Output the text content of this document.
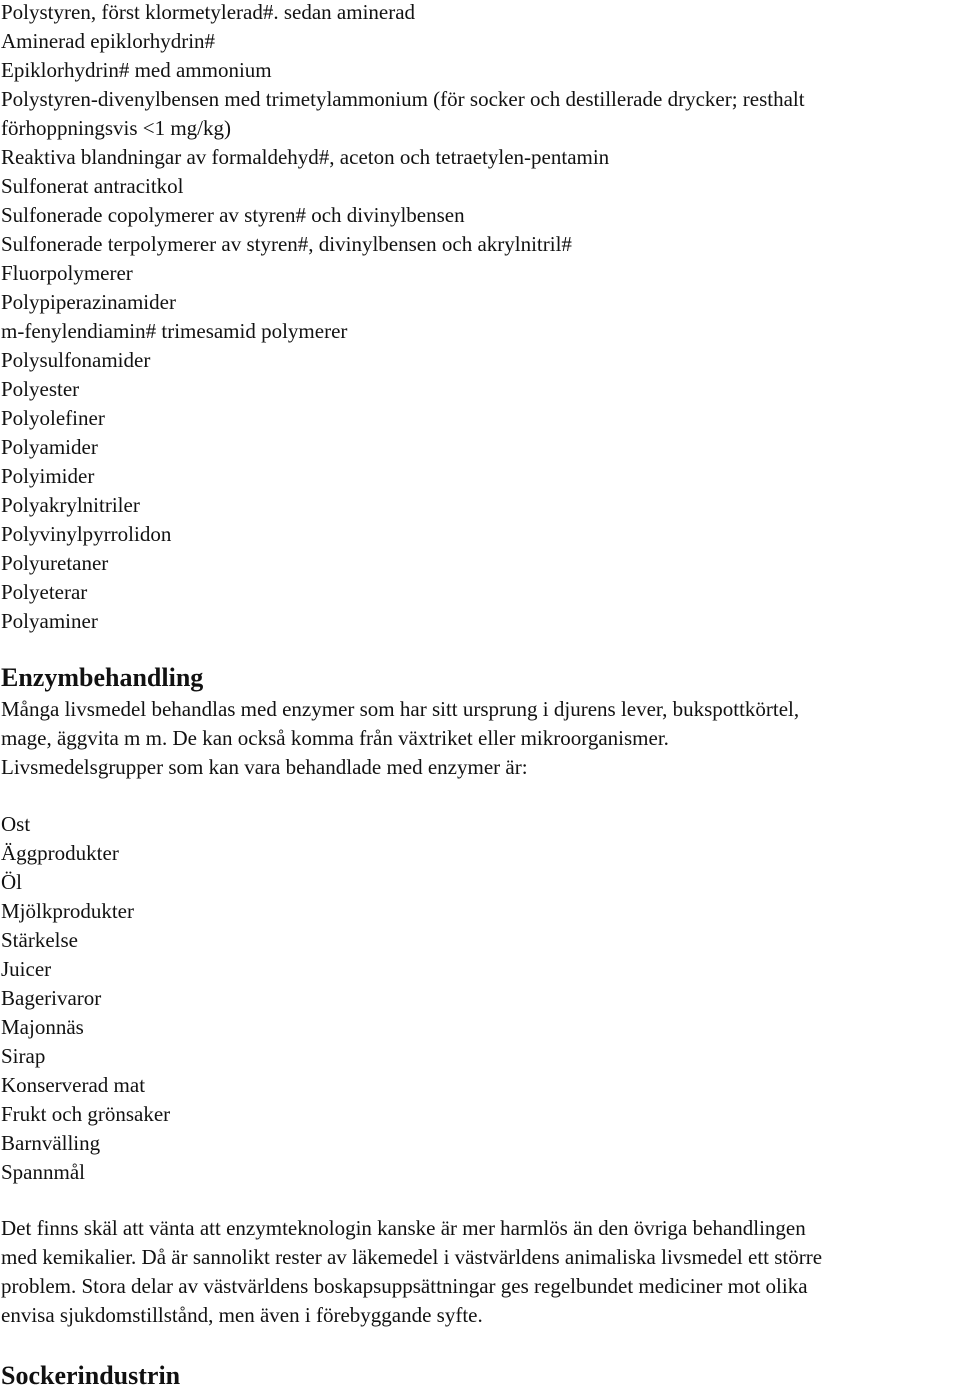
Polystyren, först klormetylerad#. sedan aminerad

Aminerad epiklorhydrin#

Epiklorhydrin# med ammonium

Polystyren-divenylbensen med trimetylammonium (för socker och destillerade drycker; resthalt

förhoppningsvis <1 mg/kg)

Reaktiva blandningar av formaldehyd#, aceton och tetraetylen-pentamin

Sulfonerat antracitkol

Sulfonerade copolymerer av styren# och divinylbensen

Sulfonerade terpolymerer av styren#, divinylbensen och akrylnitril#

Fluorpolymerer

Polypiperazinamider

m-fenylendiamin# trimesamid polymerer

Polysulfonamider

Polyester

Polyolefiner

Polyamider

Polyimider

Polyakrylnitriler

Polyvinylpyrrolidon

Polyuretaner

Polyeterar

Polyaminer

Enzymbehandling

Många livsmedel behandlas med enzymer som har sitt ursprung i djurens lever, bukspottkörtel,

mage, äggvita m m. De kan också komma från växtriket eller mikroorganismer.

Livsmedelsgrupper som kan vara behandlade med enzymer är:

Ost

Äggprodukter

Öl

Mjölkprodukter

Stärkelse

Juicer

Bagerivaror

Majonnäs

Sirap

Konserverad mat

Frukt och grönsaker

Barnvälling

Spannmål

Det finns skäl att vänta att enzymteknologin kanske är mer harmlös än den övriga behandlingen

med kemikalier. Då är sannolikt rester av läkemedel i västvärldens animaliska livsmedel ett större

problem. Stora delar av västvärldens boskapsuppsättningar ges regelbundet mediciner mot olika

envisa sjukdomstillstånd, men även i förebyggande syfte.

Sockerindustrin
